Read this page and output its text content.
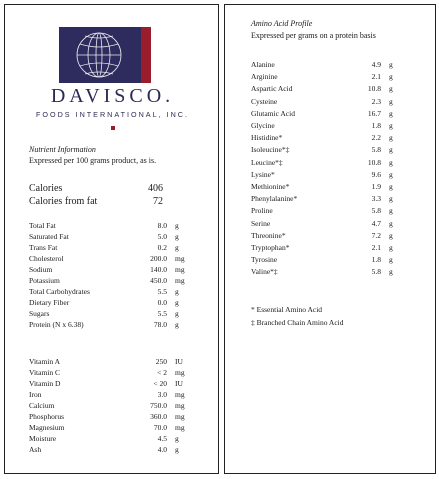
DAVISCO.
FOODS INTERNATIONAL, INC.
Nutrient Information
Expressed per 100 grams product, as is.
Calories	406
Calories from fat	72
Total Fat	8.0 g
Saturated Fat	5.0 g
Trans Fat	0.2 g
Cholesterol	200.0 mg
Sodium	140.0 mg
Potassium	450.0 mg
Total Carbohydrates	5.5 g
Dietary Fiber	0.0 g
Sugars	5.5 g
Protein (N x 6.38)	78.0 g
Vitamin A	250 IU
Vitamin C	< 2 mg
Vitamin D	< 20 IU
Iron	3.0 mg
Calcium	750.0 mg
Phosphorus	360.0 mg
Magnesium	70.0 mg
Moisture	4.5 g
Ash	4.0 g
Amino Acid Profile
Expressed per grams on a protein basis
Alanine	4.9 g
Arginine	2.1 g
Aspartic Acid	10.8 g
Cysteine	2.3 g
Glutamic Acid	16.7 g
Glycine	1.8 g
Histidine*	2.2 g
Isoleucine*‡	5.8 g
Leucine*‡	10.8 g
Lysine*	9.6 g
Methionine*	1.9 g
Phenylalanine*	3.3 g
Proline	5.8 g
Serine	4.7 g
Threonine*	7.2 g
Tryptophan*	2.1 g
Tyrosine	1.8 g
Valine*‡	5.8 g
* Essential Amino Acid
‡ Branched Chain Amino Acid
